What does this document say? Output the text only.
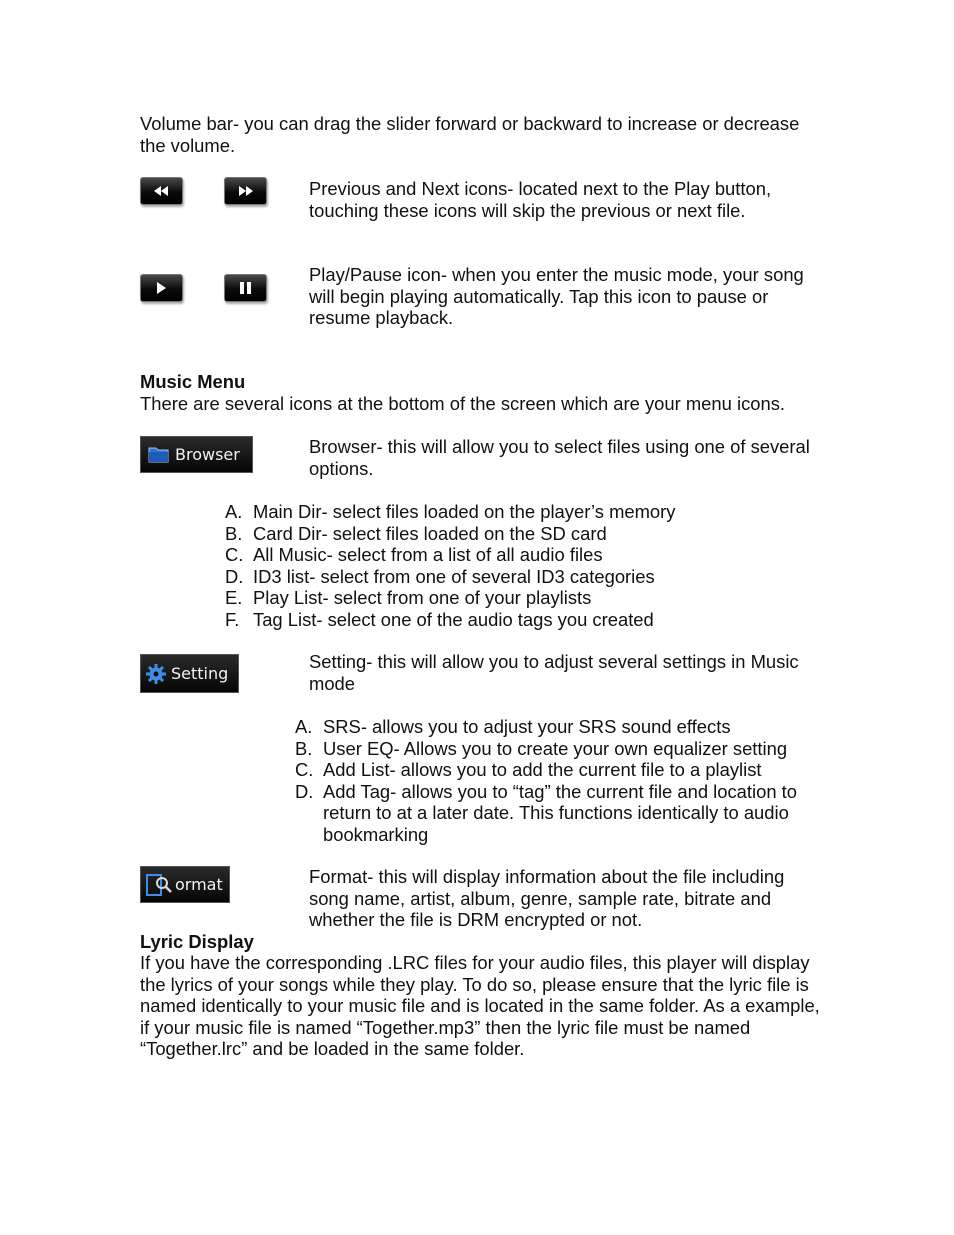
Volume bar- you can drag the slider forward or backward to increase or decrease the volume.

Previous and Next icons- located next to the Play button, touching these icons will skip the previous or next file.

Play/Pause icon- when you enter the music mode, your song will begin playing automatically. Tap this icon to pause or resume playback.

Music Menu

There are several icons at the bottom of the screen which are your menu icons.

Browser	Browser- this will allow you to select files using one of several options.

A. Main Dir- select files loaded on the player’s memory
B. Card Dir- select files loaded on the SD card
C. All Music- select from a list of all audio files
D. ID3 list- select from one of several ID3 categories
E. Play List- select from one of your playlists
F. Tag List- select one of the audio tags you created
Setting

Setting- this will allow you to adjust several settings in Music mode

A. SRS- allows you to adjust your SRS sound effects
B. User EQ- Allows you to create your own equalizer setting
C. Add List- allows you to add the current file to a playlist
D. Add Tag- allows you to “tag” the current file and location to return to at a later date. This functions identically to audio bookmarking
ormat	Format- this will display information about the file including song name, artist, album, genre, sample rate, bitrate and whether the file is DRM encrypted or not.

Lyric Display

If you have the corresponding .LRC files for your audio files, this player will display the lyrics of your songs while they play. To do so, please ensure that the lyric file is named identically to your music file and is located in the same folder. As a example, if your music file is named “Together.mp3” then the lyric file must be named “Together.lrc” and be loaded in the same folder.
